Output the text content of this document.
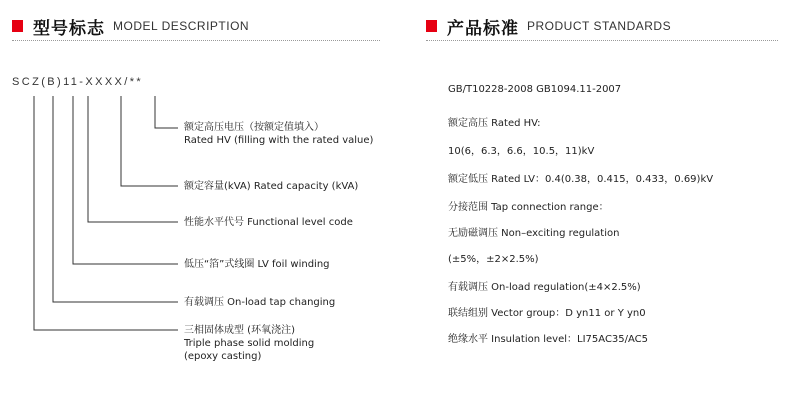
型号标志 MODEL DESCRIPTION	产品标准 PRODUCT STANDARDS
SCZ(B)11-XXXX/**
额定高压电压（按额定值填入）
Rated HV (filling with the rated value)
额定容量(kVA) Rated capacity (kVA)
性能水平代号 Functional level code
低压“箔”式线圈 LV foil winding
有载调压 On-load tap changing
三相固体成型 (环氧浇注)
Triple phase solid molding
(epoxy casting)
GB/T10228-2008 GB1094.11-2007
额定高压 Rated HV:
10(6，6.3，6.6，10.5，11)kV
额定低压 Rated LV：0.4(0.38，0.415，0.433，0.69)kV
分接范围 Tap connection range：
无励磁调压 Non–exciting regulation
(±5%，±2×2.5%)
有载调压 On-load regulation(±4×2.5%)
联结组别 Vector group：D yn11 or Y yn0
绝缘水平 Insulation level：LI75AC35/AC5
